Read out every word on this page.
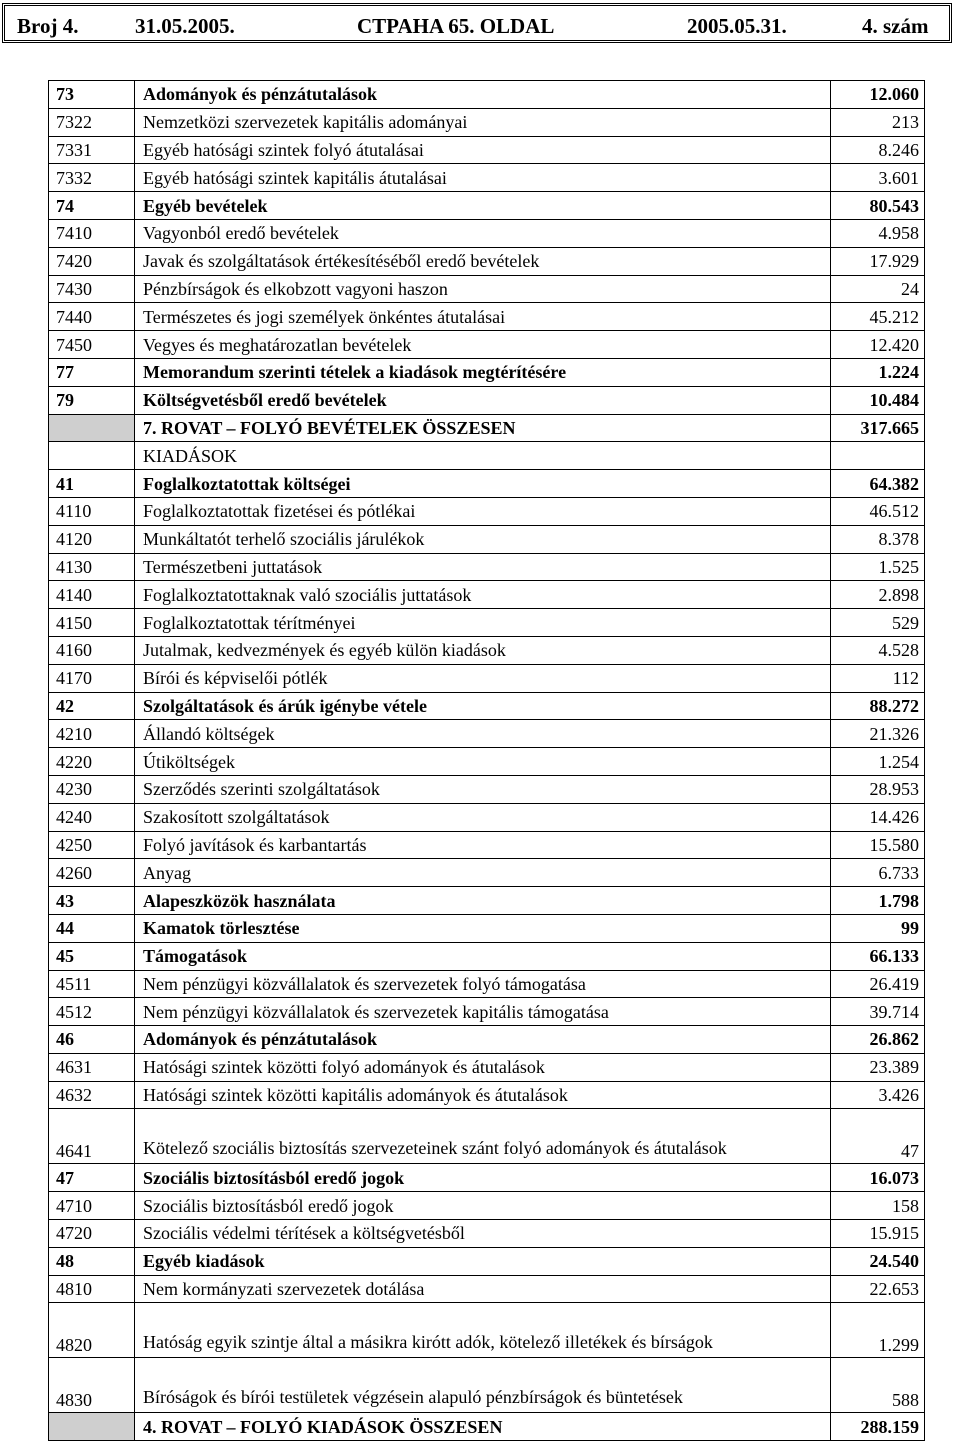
Broj 4.	31.05.2005.	CTPAHA 65. OLDAL	2005.05.31.	4. szám
73	Adományok és pénzátutalások	12.060
7322	Nemzetközi szervezetek kapitális adományai	213
7331	Egyéb hatósági szintek folyó átutalásai	8.246
7332	Egyéb hatósági szintek kapitális átutalásai	3.601
74	Egyéb bevételek	80.543
7410	Vagyonból eredő bevételek	4.958
7420	Javak és szolgáltatások értékesítéséből eredő bevételek	17.929
7430	Pénzbírságok és elkobzott vagyoni haszon	24
7440	Természetes és jogi személyek önkéntes átutalásai	45.212
7450	Vegyes és meghatározatlan bevételek	12.420
77	Memorandum szerinti tételek a kiadások megtérítésére	1.224
79	Költségvetésből eredő bevételek	10.484
	7. ROVAT – FOLYÓ BEVÉTELEK ÖSSZESEN	317.665
	KIADÁSOK	
41	Foglalkoztatottak költségei	64.382
4110	Foglalkoztatottak fizetései és pótlékai	46.512
4120	Munkáltatót terhelő szociális járulékok	8.378
4130	Természetbeni juttatások	1.525
4140	Foglalkoztatottaknak való szociális juttatások	2.898
4150	Foglalkoztatottak térítményei	529
4160	Jutalmak, kedvezmények és egyéb külön kiadások	4.528
4170	Bírói és képviselői pótlék	112
42	Szolgáltatások és árúk igénybe vétele	88.272
4210	Állandó költségek	21.326
4220	Útiköltségek	1.254
4230	Szerződés szerinti szolgáltatások	28.953
4240	Szakosított szolgáltatások	14.426
4250	Folyó javítások és karbantartás	15.580
4260	Anyag	6.733
43	Alapeszközök használata	1.798
44	Kamatok törlesztése	99
45	Támogatások	66.133
4511	Nem pénzügyi közvállalatok és szervezetek folyó támogatása	26.419
4512	Nem pénzügyi közvállalatok és szervezetek kapitális támogatása	39.714
46	Adományok és pénzátutalások	26.862
4631	Hatósági szintek közötti folyó adományok és átutalások	23.389
4632	Hatósági szintek közötti kapitális adományok és átutalások	3.426
4641	Kötelező szociális biztosítás szervezeteinek szánt folyó adományok és átutalások	47
47	Szociális biztosításból eredő jogok	16.073
4710	Szociális biztosításból eredő jogok	158
4720	Szociális védelmi térítések a költségvetésből	15.915
48	Egyéb kiadások	24.540
4810	Nem kormányzati szervezetek dotálása	22.653
4820	Hatóság egyik szintje által a másikra kirótt adók, kötelező illetékek és bírságok	1.299
4830	Bíróságok és bírói testületek végzésein alapuló pénzbírságok és büntetések	588
	4. ROVAT – FOLYÓ KIADÁSOK ÖSSZESEN	288.159
